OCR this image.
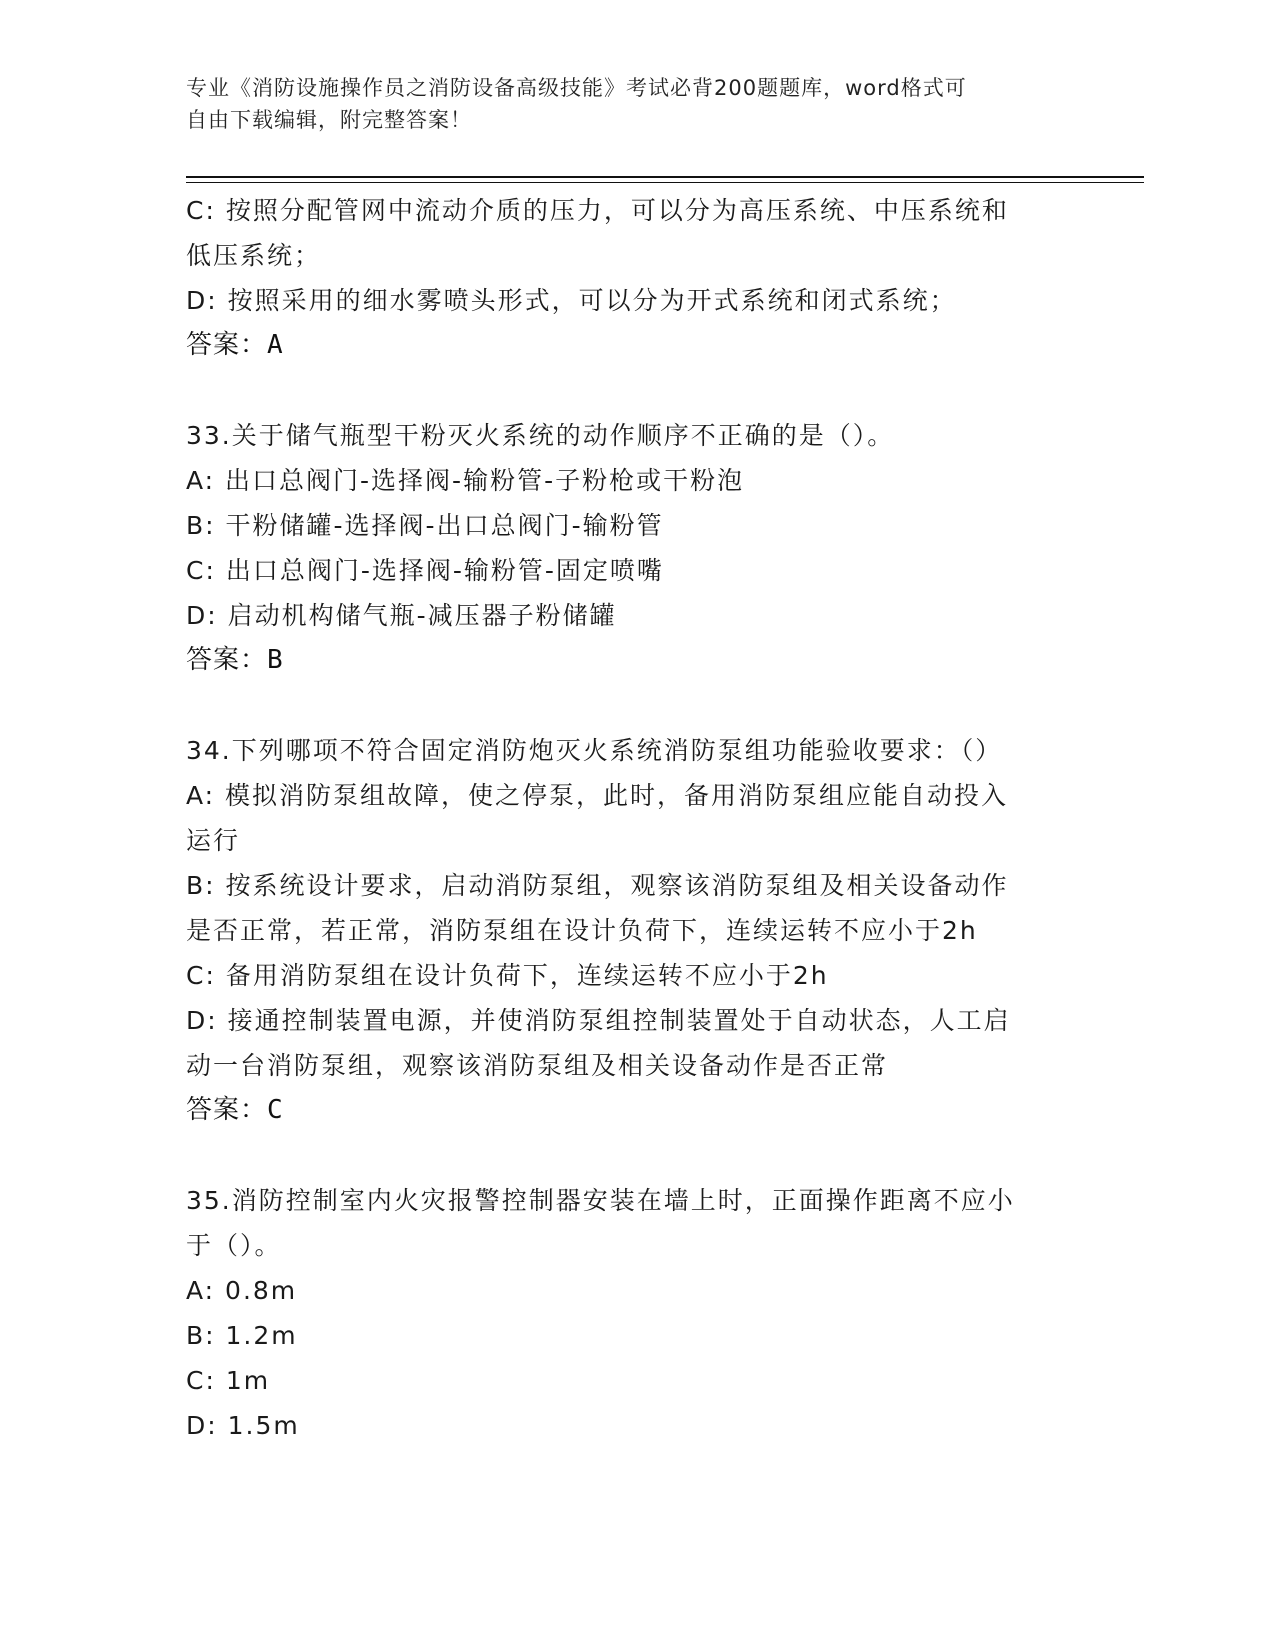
专业《消防设施操作员之消防设备高级技能》考试必背200题题库，word格式可
自由下载编辑，附完整答案！
C: 按照分配管网中流动介质的压力，可以分为高压系统、中压系统和
低压系统；
D: 按照采用的细水雾喷头形式，可以分为开式系统和闭式系统；
答案：A
33.关于储气瓶型干粉灭火系统的动作顺序不正确的是（）。
A: 出口总阀门-选择阀-输粉管-子粉枪或干粉泡
B: 干粉储罐-选择阀-出口总阀门-输粉管
C: 出口总阀门-选择阀-输粉管-固定喷嘴
D: 启动机构储气瓶-减压器子粉储罐
答案：B
34.下列哪项不符合固定消防炮灭火系统消防泵组功能验收要求：（）
A: 模拟消防泵组故障，使之停泵，此时，备用消防泵组应能自动投入
运行
B: 按系统设计要求，启动消防泵组，观察该消防泵组及相关设备动作
是否正常，若正常，消防泵组在设计负荷下，连续运转不应小于2h
C: 备用消防泵组在设计负荷下，连续运转不应小于2h
D: 接通控制装置电源，并使消防泵组控制装置处于自动状态，人工启
动一台消防泵组，观察该消防泵组及相关设备动作是否正常
答案：C
35.消防控制室内火灾报警控制器安装在墙上时，正面操作距离不应小
于（）。
A: 0.8m
B: 1.2m
C: 1m
D: 1.5m
